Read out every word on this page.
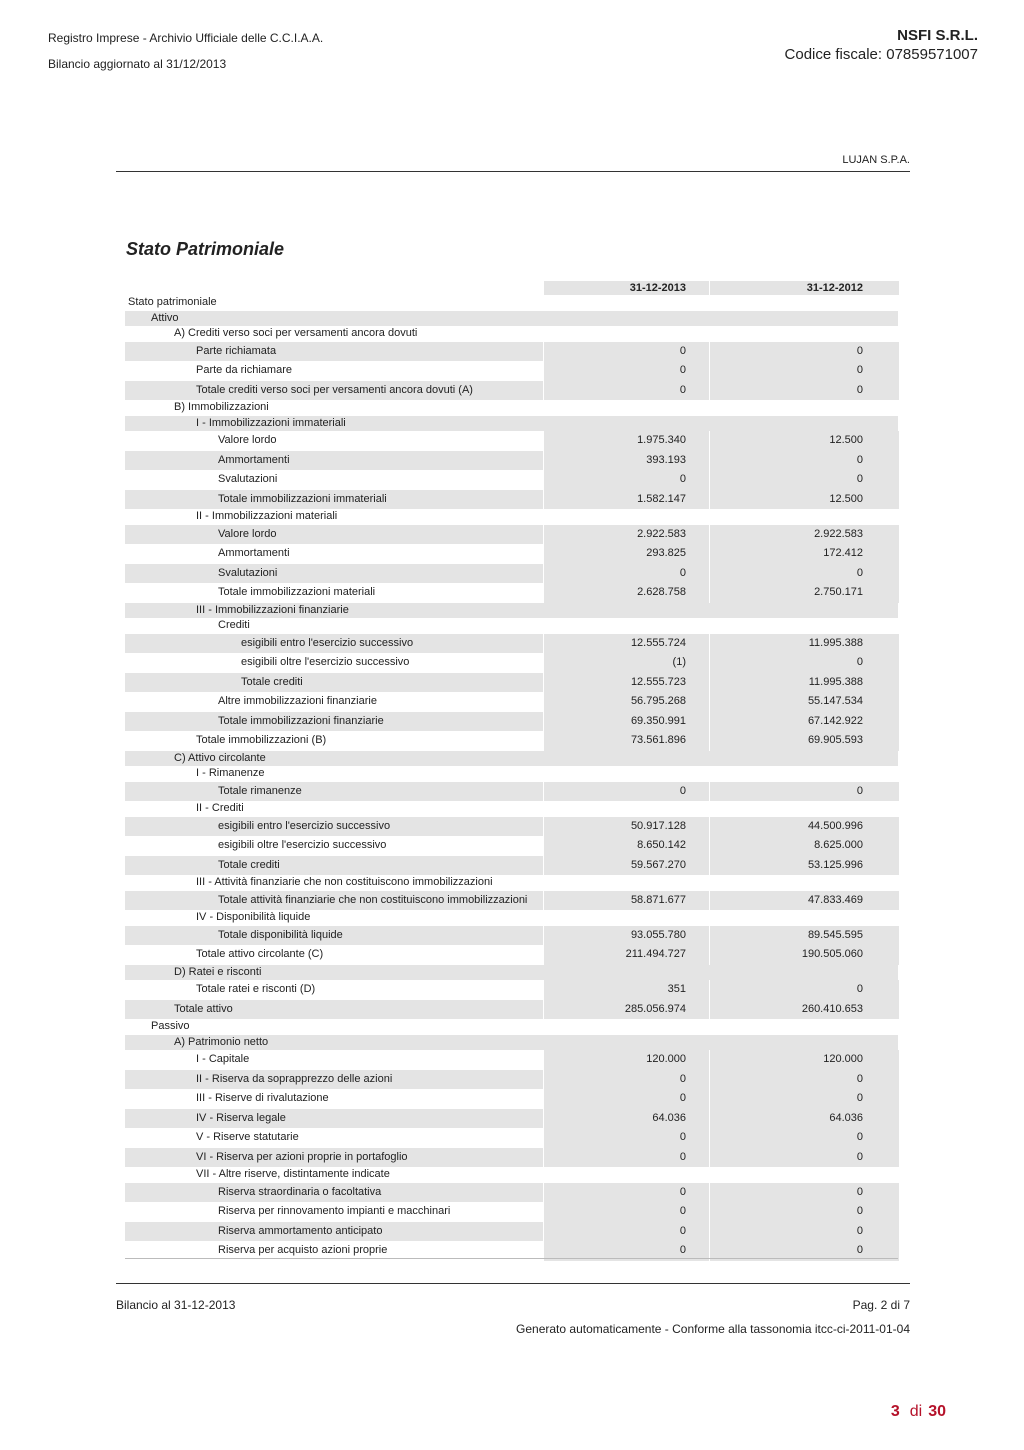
Registro Imprese - Archivio Ufficiale delle C.C.I.A.A.
Bilancio aggiornato al 31/12/2013
NSFI S.R.L.
Codice fiscale: 07859571007
LUJAN S.P.A.
Stato Patrimoniale
31-12-2013	31-12-2012
Stato patrimoniale
Attivo
A) Crediti verso soci per versamenti ancora dovuti
Parte richiamata	0	0
Parte da richiamare	0	0
Totale crediti verso soci per versamenti ancora dovuti (A)	0	0
B) Immobilizzazioni
I - Immobilizzazioni immateriali
Valore lordo	1.975.340	12.500
Ammortamenti	393.193	0
Svalutazioni	0	0
Totale immobilizzazioni immateriali	1.582.147	12.500
II - Immobilizzazioni materiali
Valore lordo	2.922.583	2.922.583
Ammortamenti	293.825	172.412
Svalutazioni	0	0
Totale immobilizzazioni materiali	2.628.758	2.750.171
III - Immobilizzazioni finanziarie
Crediti
esigibili entro l'esercizio successivo	12.555.724	11.995.388
esigibili oltre l'esercizio successivo	(1)	0
Totale crediti	12.555.723	11.995.388
Altre immobilizzazioni finanziarie	56.795.268	55.147.534
Totale immobilizzazioni finanziarie	69.350.991	67.142.922
Totale immobilizzazioni (B)	73.561.896	69.905.593
C) Attivo circolante
I - Rimanenze
Totale rimanenze	0	0
II - Crediti
esigibili entro l'esercizio successivo	50.917.128	44.500.996
esigibili oltre l'esercizio successivo	8.650.142	8.625.000
Totale crediti	59.567.270	53.125.996
III - Attività finanziarie che non costituiscono immobilizzazioni
Totale attività finanziarie che non costituiscono immobilizzazioni	58.871.677	47.833.469
IV - Disponibilità liquide
Totale disponibilità liquide	93.055.780	89.545.595
Totale attivo circolante (C)	211.494.727	190.505.060
D) Ratei e risconti
Totale ratei e risconti (D)	351	0
Totale attivo	285.056.974	260.410.653
Passivo
A) Patrimonio netto
I - Capitale	120.000	120.000
II - Riserva da soprapprezzo delle azioni	0	0
III - Riserve di rivalutazione	0	0
IV - Riserva legale	64.036	64.036
V - Riserve statutarie	0	0
VI - Riserva per azioni proprie in portafoglio	0	0
VII - Altre riserve, distintamente indicate
Riserva straordinaria o facoltativa	0	0
Riserva per rinnovamento impianti e macchinari	0	0
Riserva ammortamento anticipato	0	0
Riserva per acquisto azioni proprie	0	0
Bilancio al 31-12-2013	Pag. 2 di 7
Generato automaticamente - Conforme alla tassonomia itcc-ci-2011-01-04
3 di 30
